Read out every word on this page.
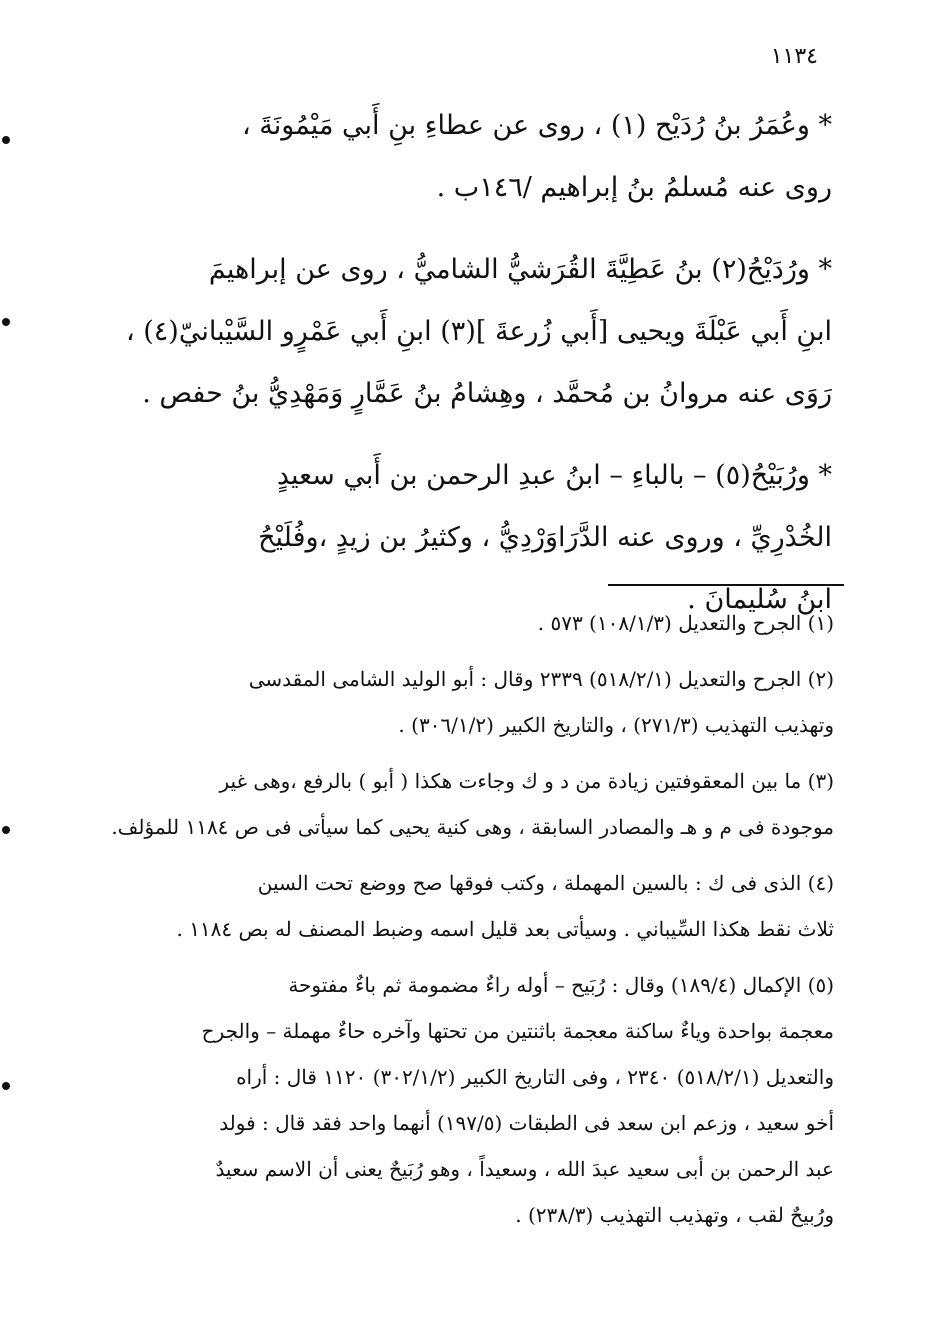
١١٣٤
* وعُمَرُ بنُ رُدَيْح (١) ، روى عن عطاءِ بنِ أَبي مَيْمُونَةَ ،
روى عنه مُسلمُ بنُ إبراهيم /١٤٦ب .
* ورُدَيْحُ(٢) بنُ عَطِيَّةَ القُرَشيُّ الشاميُّ ، روى عن إبراهيمَ
ابنِ أَبي عَبْلَةَ ويحيى [أَبي زُرعةَ ](٣) ابنِ أَبي عَمْرٍو السَّيْبانيّ(٤) ،
رَوَى عنه مروانُ بن مُحمَّد ، وهِشامُ بنُ عَمَّارٍ وَمَهْدِيُّ بنُ حفص .
* ورُبَيْحُ(٥) – بالباءِ – ابنُ عبدِ الرحمن بن أَبي سعيدٍ
الخُدْرِيِّ ، وروى عنه الدَّرَاوَرْدِيُّ ، وكثيرُ بن زيدٍ ،وفُلَيْحُ
ابنُ سُليمانَ .
(١) الجرح والتعديل (١٠٨/١/٣) ٥٧٣ .
(٢) الجرح والتعديل (٥١٨/٢/١) ٢٣٣٩ وقال : أبو الوليد الشامى المقدسى
وتهذيب التهذيب (٢٧١/٣) ، والتاريخ الكبير (٣٠٦/١/٢) .
(٣) ما بين المعقوفتين زيادة من د و ك وجاءت هكذا ( أبو ) بالرفع ،وهى غير
موجودة فى م و هـ والمصادر السابقة ، وهى كنية يحيى كما سيأتى فى ص ١١٨٤ للمؤلف.
(٤) الذى فى ك : بالسين المهملة ، وكتب فوقها صح ووضع تحت السين
ثلاث نقط هكذا السِّيباني . وسيأتى بعد قليل اسمه وضبط المصنف له بص ١١٨٤ .
(٥) الإكمال (١٨٩/٤) وقال : رُبَيح – أوله راءٌ مضمومة ثم باءٌ مفتوحة
معجمة بواحدة وياءٌ ساكنة معجمة باثنتين من تحتها وآخره حاءٌ مهملة – والجرح
والتعديل (٥١٨/٢/١) ٢٣٤٠ ، وفى التاريخ الكبير (٣٠٢/١/٢) ١١٢٠ قال : أراه
أخو سعيد ، وزعم ابن سعد فى الطبقات (١٩٧/٥) أنهما واحد فقد قال : فولد
عبد الرحمن بن أبى سعيد عبدَ الله ، وسعيداً ، وهو رُبَيحٌ يعنى أن الاسم سعيدٌ
ورُبيحٌ لقب ، وتهذيب التهذيب (٢٣٨/٣) .
